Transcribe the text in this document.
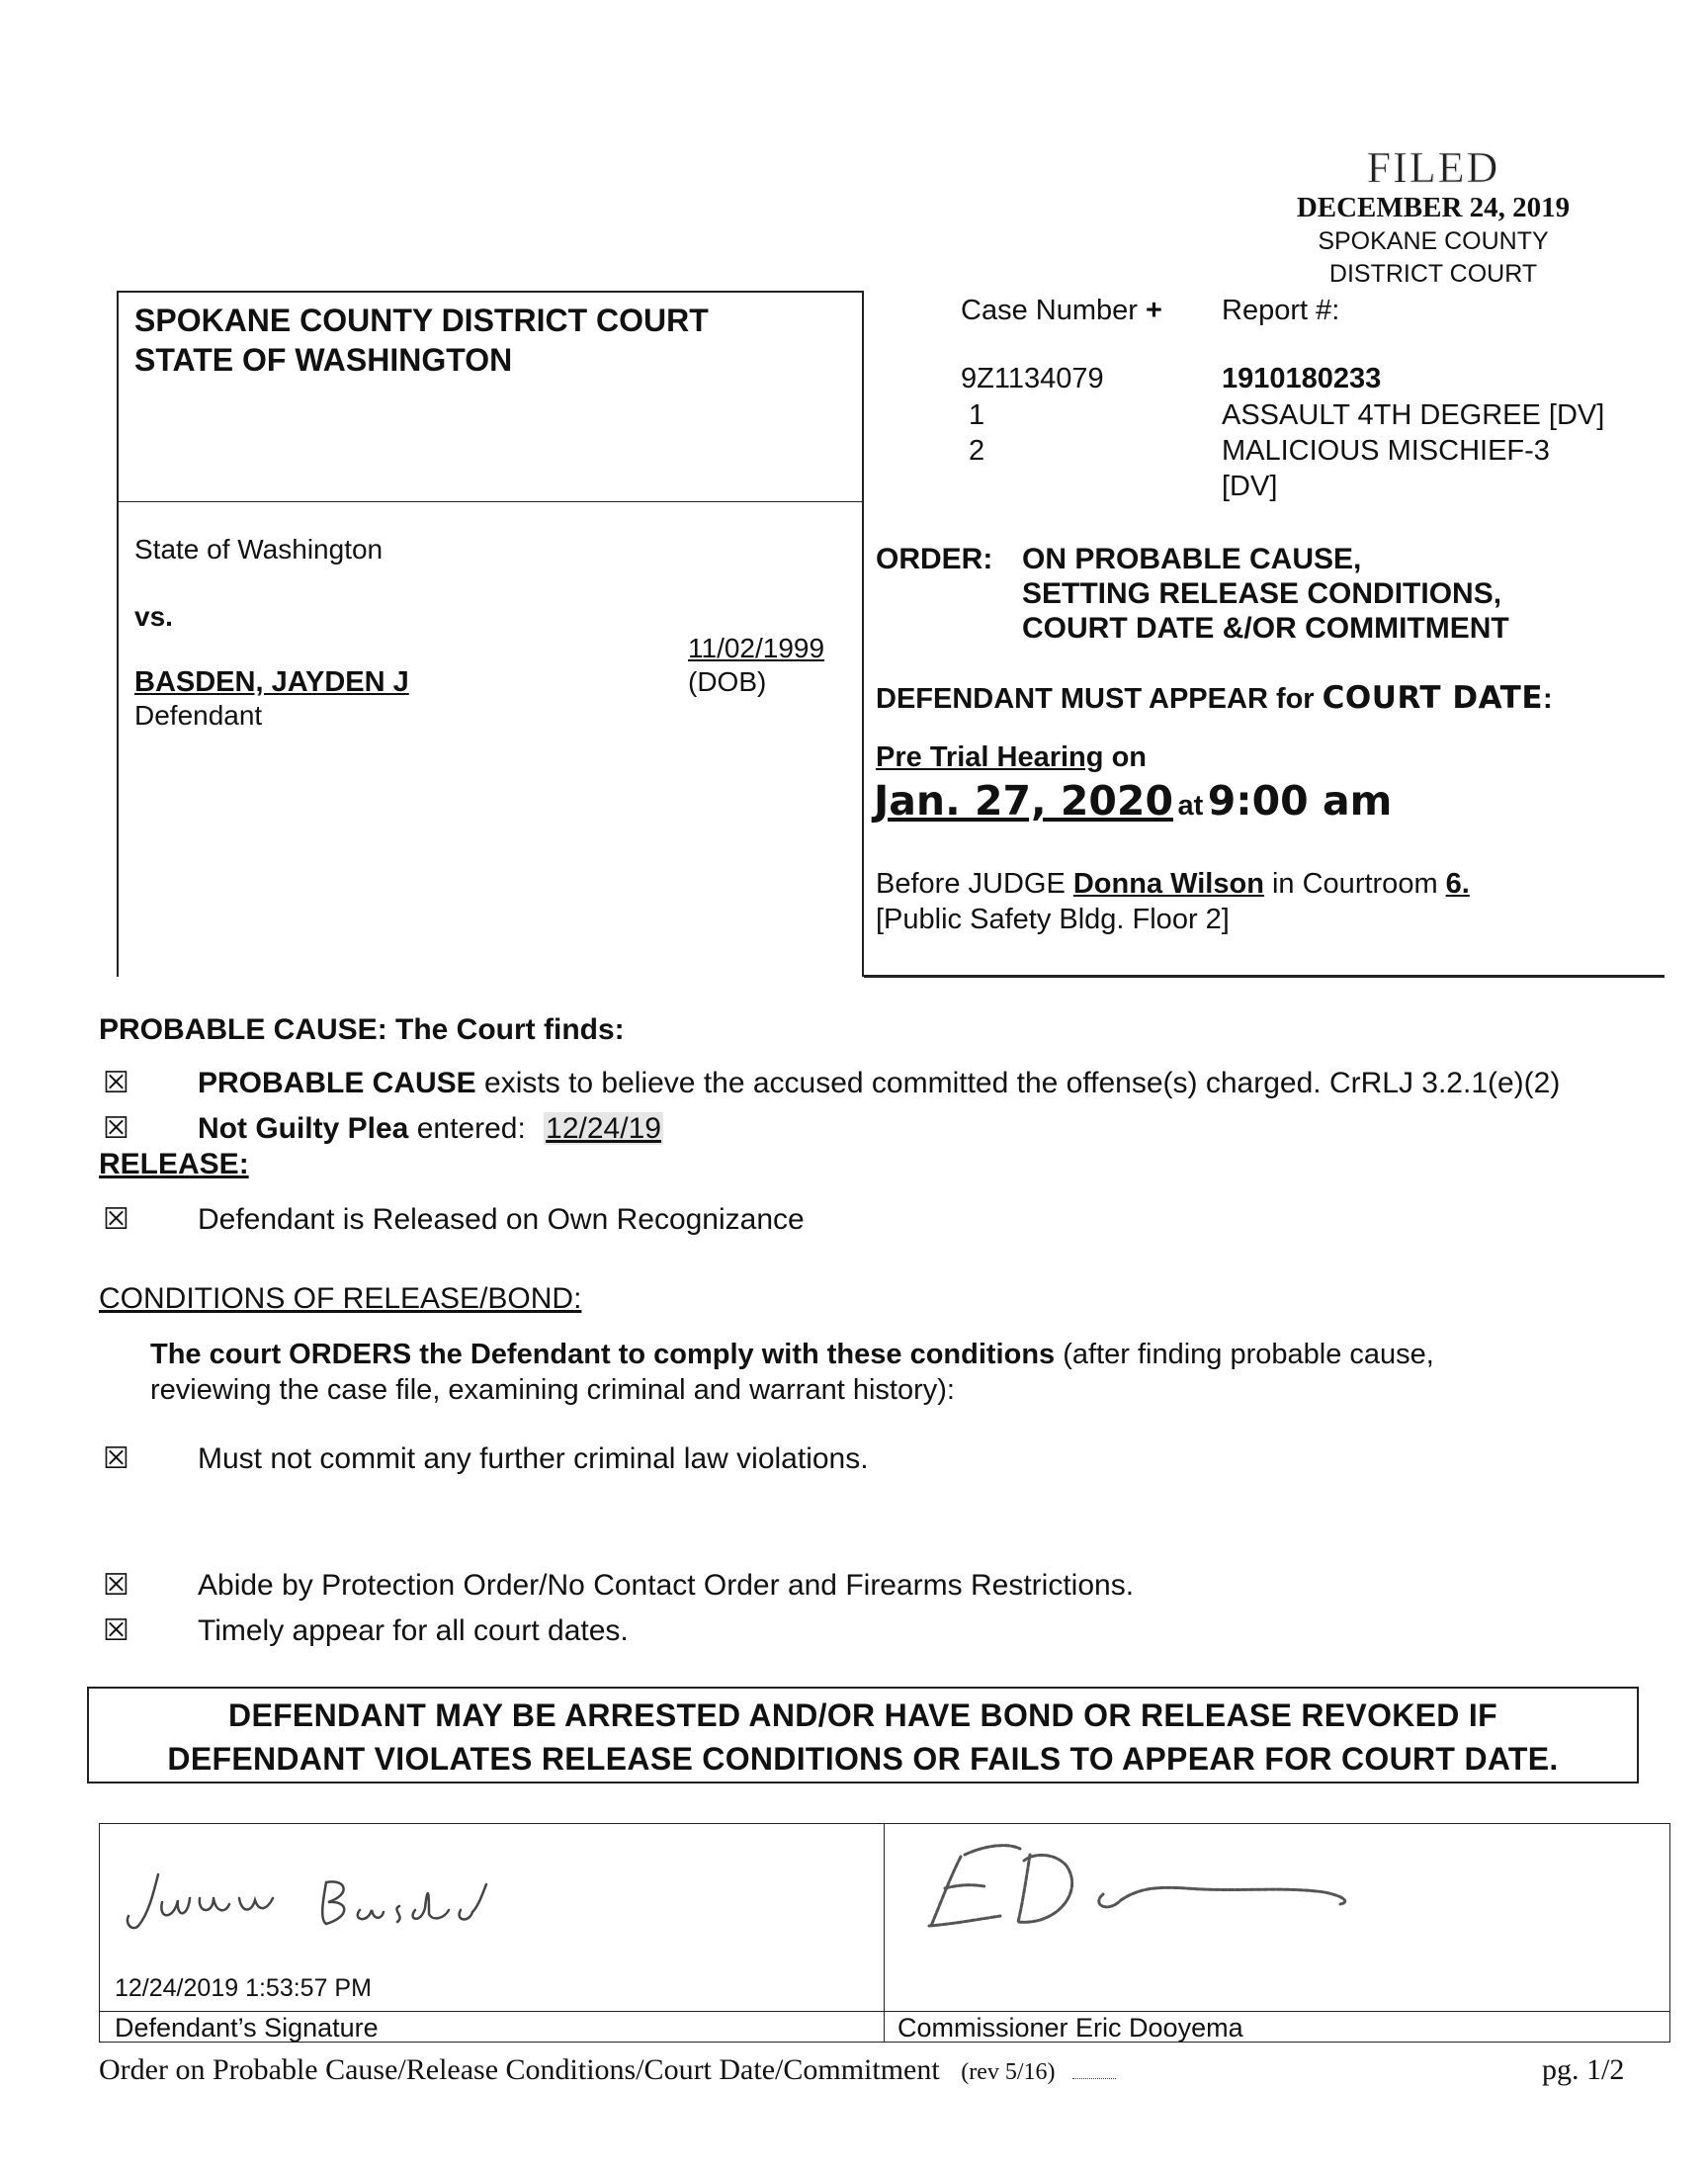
FILED
DECEMBER 24, 2019
SPOKANE COUNTY
DISTRICT COURT
SPOKANE COUNTY DISTRICT COURT
STATE OF WASHINGTON
State of Washington
vs.
BASDEN, JAYDEN J
Defendant
11/02/1999
(DOB)
Case Number + Report #:
9Z1134079	1910180233
1	ASSAULT 4TH DEGREE [DV]
2	MALICIOUS MISCHIEF-3
[DV]
ORDER: ON PROBABLE CAUSE,
SETTING RELEASE CONDITIONS,
COURT DATE &/OR COMMITMENT
DEFENDANT MUST APPEAR for COURT DATE:
Pre Trial Hearing on
Jan. 27, 2020 at 9:00 am
Before JUDGE Donna Wilson in Courtroom 6.
[Public Safety Bldg. Floor 2]
PROBABLE CAUSE: The Court finds:
☒ PROBABLE CAUSE exists to believe the accused committed the offense(s) charged. CrRLJ 3.2.1(e)(2)
☒ Not Guilty Plea entered: 12/24/19
RELEASE:
☒ Defendant is Released on Own Recognizance
CONDITIONS OF RELEASE/BOND:
The court ORDERS the Defendant to comply with these conditions (after finding probable cause,
reviewing the case file, examining criminal and warrant history):
☒ Must not commit any further criminal law violations.
☒ Abide by Protection Order/No Contact Order and Firearms Restrictions.
☒ Timely appear for all court dates.
DEFENDANT MAY BE ARRESTED AND/OR HAVE BOND OR RELEASE REVOKED IF
DEFENDANT VIOLATES RELEASE CONDITIONS OR FAILS TO APPEAR FOR COURT DATE.
12/24/2019 1:53:57 PM
Defendant’s Signature	Commissioner Eric Dooyema
Order on Probable Cause/Release Conditions/Court Date/Commitment (rev 5/16)	pg. 1/2
